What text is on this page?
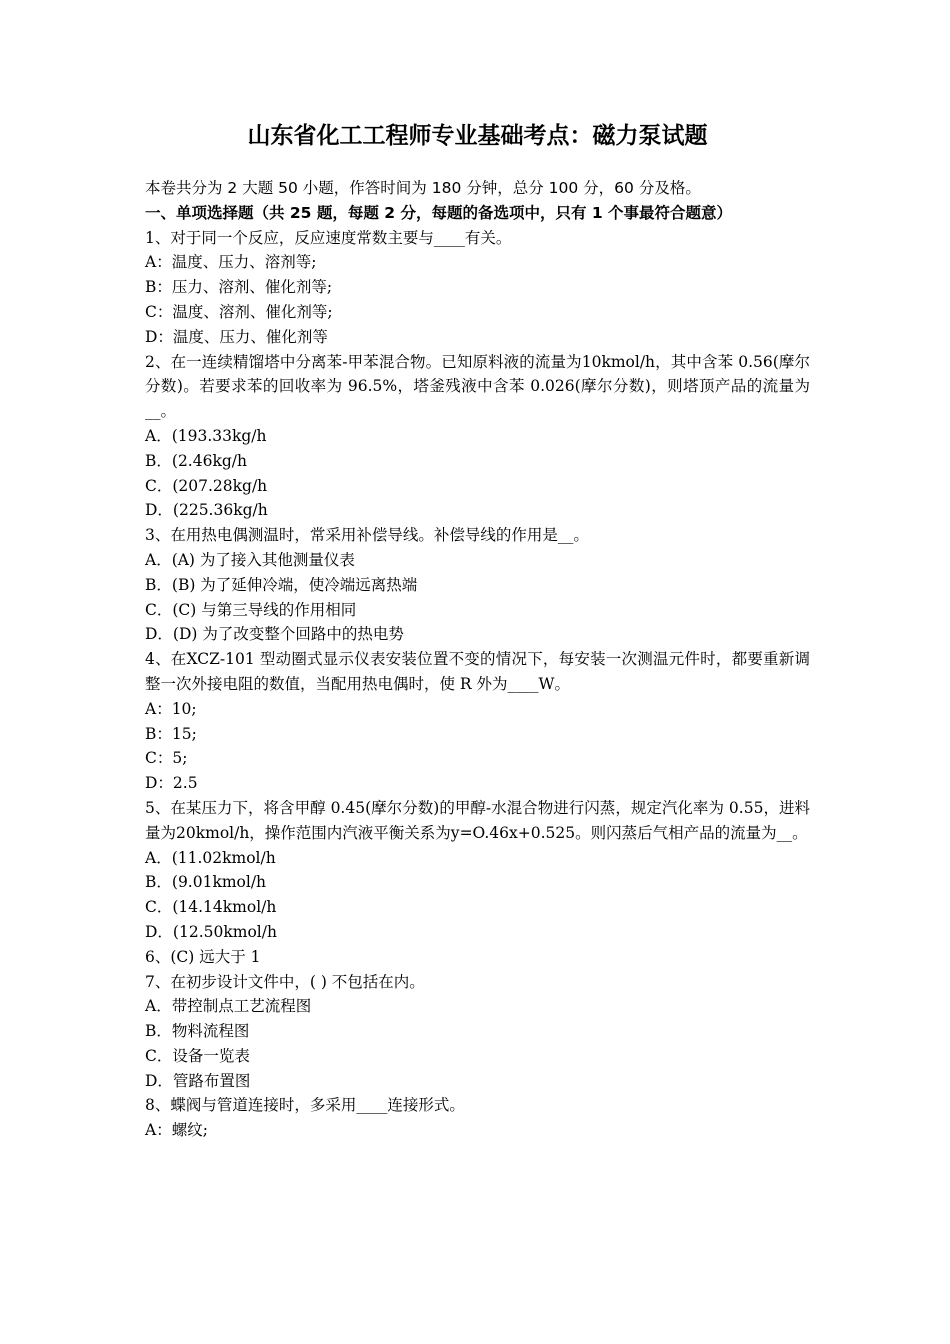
山东省化工工程师专业基础考点：磁力泵试题
本卷共分为 2 大题 50 小题，作答时间为 180 分钟，总分 100 分，60 分及格。
一、单项选择题（共 25 题，每题 2 分，每题的备选项中，只有 1 个事最符合题意）
1、对于同一个反应，反应速度常数主要与____有关。
A：温度、压力、溶剂等;
B：压力、溶剂、催化剂等;
C：温度、溶剂、催化剂等;
D：温度、压力、催化剂等
2、在一连续精馏塔中分离苯-甲苯混合物。已知原料液的流量为10kmol/h，其中含苯 0.56(摩尔分数)。若要求苯的回收率为 96.5%，塔釜残液中含苯 0.026(摩尔分数)，则塔顶产品的流量为__。
A．(193.33kg/h
B．(2.46kg/h
C．(207.28kg/h
D．(225.36kg/h
3、在用热电偶测温时，常采用补偿导线。补偿导线的作用是__。
A．(A) 为了接入其他测量仪表
B．(B) 为了延伸冷端，使冷端远离热端
C．(C) 与第三导线的作用相同
D．(D) 为了改变整个回路中的热电势
4、在XCZ-101 型动圈式显示仪表安装位置不变的情况下，每安装一次测温元件时，都要重新调整一次外接电阻的数值，当配用热电偶时，使 R 外为____W。
A：10;
B：15;
C：5;
D：2.5
5、在某压力下，将含甲醇 0.45(摩尔分数)的甲醇-水混合物进行闪蒸，规定汽化率为 0.55，进料量为20kmol/h，操作范围内汽液平衡关系为y=O.46x+0.525。则闪蒸后气相产品的流量为__。
A．(11.02kmol/h
B．(9.01kmol/h
C．(14.14kmol/h
D．(12.50kmol/h
6、(C) 远大于 1
7、在初步设计文件中，( ) 不包括在内。
A．带控制点工艺流程图
B．物料流程图
C．设备一览表
D．管路布置图
8、蝶阀与管道连接时，多采用____连接形式。
A：螺纹;
